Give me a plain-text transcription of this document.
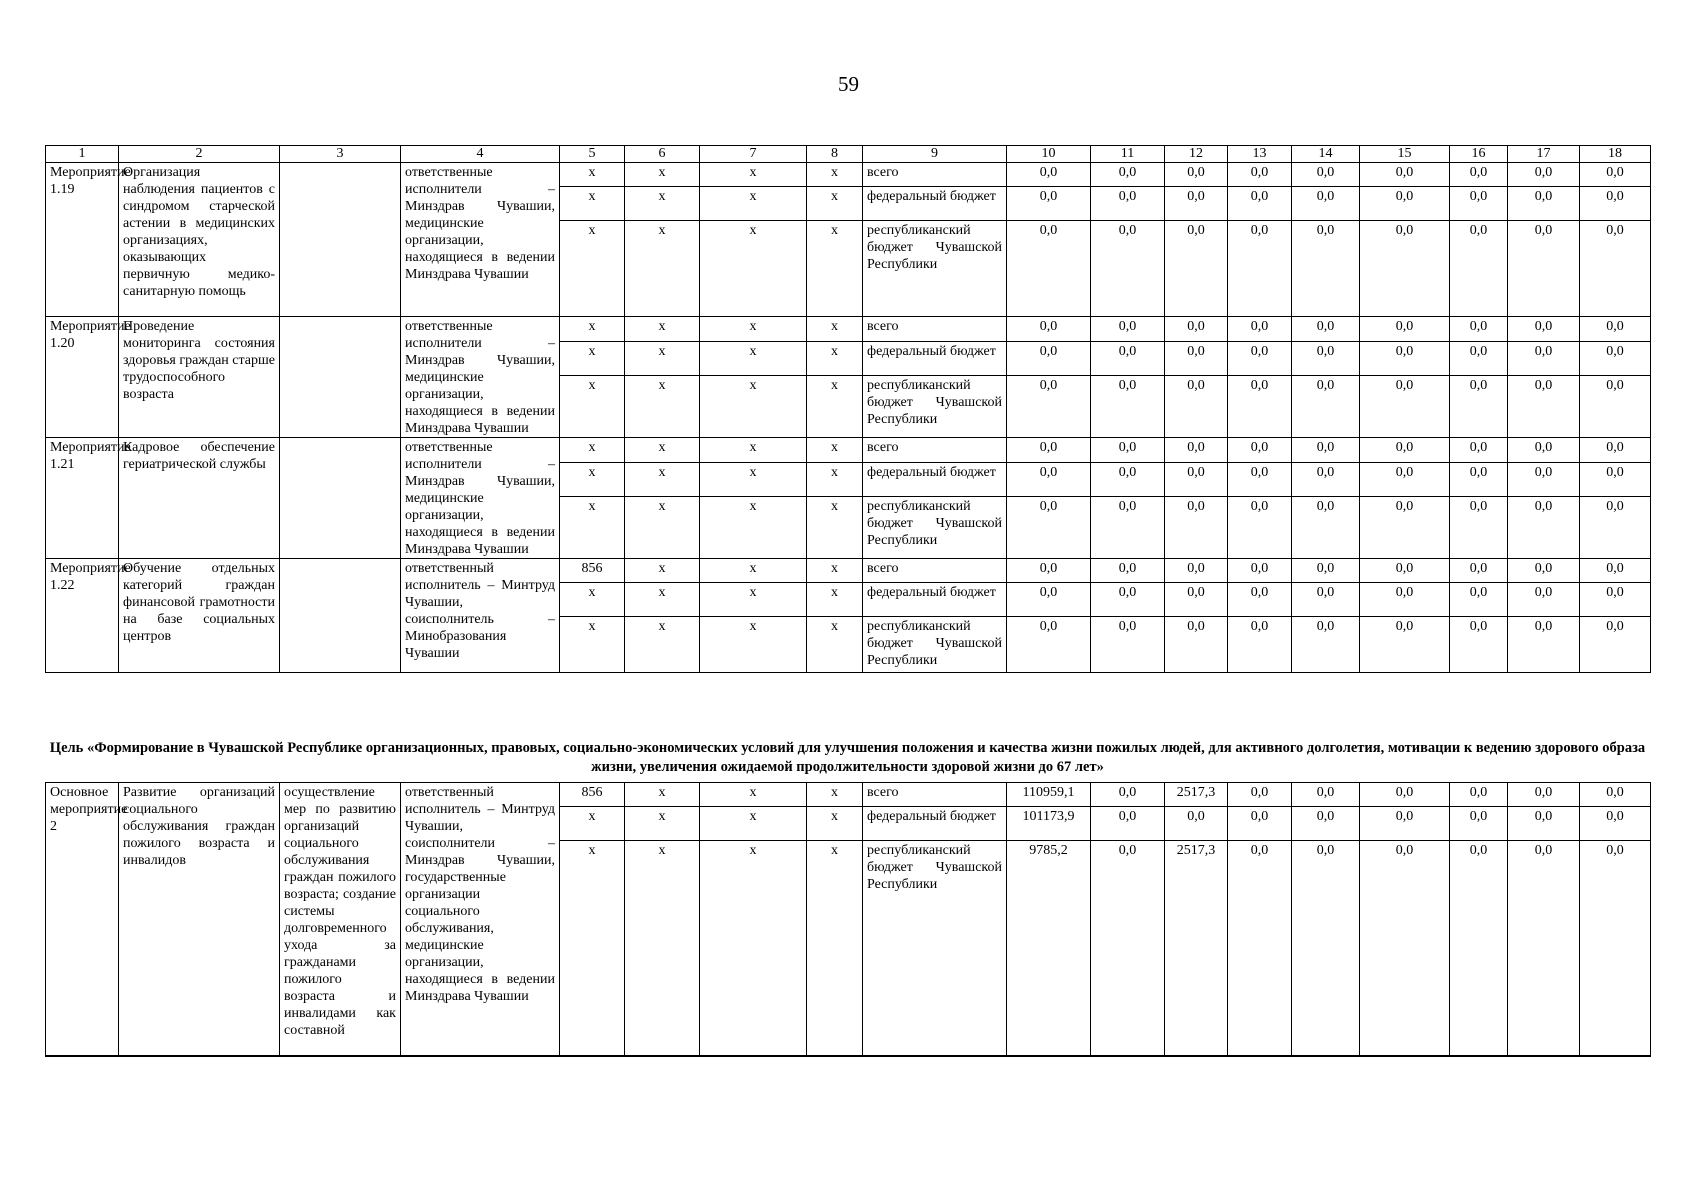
59
1	2	3	4	5	6	7	8	9	10	11	12	13	14	15	16	17	18
Мероприятие 1.19	Организация наблюдения пациентов с синдромом старческой астении в медицинских организациях, оказывающих первичную медико-санитарную помощь		ответственные исполнители – Минздрав Чувашии, медицинские организации, находящиеся в ведении Минздрава Чувашии	x	x	x	x	всего	0,0	0,0	0,0	0,0	0,0	0,0	0,0	0,0	0,0
				x	x	x	x	федеральный бюджет	0,0	0,0	0,0	0,0	0,0	0,0	0,0	0,0	0,0
				x	x	x	x	республиканский бюджет Чувашской Республики	0,0	0,0	0,0	0,0	0,0	0,0	0,0	0,0	0,0
Мероприятие 1.20	Проведение мониторинга состояния здоровья граждан старше трудоспособного возраста		ответственные исполнители – Минздрав Чувашии, медицинские организации, находящиеся в ведении Минздрава Чувашии	x	x	x	x	всего	0,0	0,0	0,0	0,0	0,0	0,0	0,0	0,0	0,0
				x	x	x	x	федеральный бюджет	0,0	0,0	0,0	0,0	0,0	0,0	0,0	0,0	0,0
				x	x	x	x	республиканский бюджет Чувашской Республики	0,0	0,0	0,0	0,0	0,0	0,0	0,0	0,0	0,0
Мероприятие 1.21	Кадровое обеспечение гериатрической службы		ответственные исполнители – Минздрав Чувашии, медицинские организации, находящиеся в ведении Минздрава Чувашии	x	x	x	x	всего	0,0	0,0	0,0	0,0	0,0	0,0	0,0	0,0	0,0
				x	x	x	x	федеральный бюджет	0,0	0,0	0,0	0,0	0,0	0,0	0,0	0,0	0,0
				x	x	x	x	республиканский бюджет Чувашской Республики	0,0	0,0	0,0	0,0	0,0	0,0	0,0	0,0	0,0
Мероприятие 1.22	Обучение отдельных категорий граждан финансовой грамотности на базе социальных центров		ответственный исполнитель – Минтруд Чувашии, соисполнитель – Минобразования Чувашии	856	x	x	x	всего	0,0	0,0	0,0	0,0	0,0	0,0	0,0	0,0	0,0
				x	x	x	x	федеральный бюджет	0,0	0,0	0,0	0,0	0,0	0,0	0,0	0,0	0,0
				x	x	x	x	республиканский бюджет Чувашской Республики	0,0	0,0	0,0	0,0	0,0	0,0	0,0	0,0	0,0
Цель «Формирование в Чувашской Республике организационных, правовых, социально-экономических условий для улучшения положения и качества жизни пожилых людей, для активного долголетия, мотивации к ведению здорового образа жизни, увеличения ожидаемой продолжительности здоровой жизни до 67 лет»
Основное мероприятие 2	Развитие организаций социального обслуживания граждан пожилого возраста и инвалидов	осуществление мер по развитию организаций социального обслуживания граждан пожилого возраста; создание системы долговременного ухода за гражданами пожилого возраста и инвалидами как составной	ответственный исполнитель – Минтруд Чувашии, соисполнители – Минздрав Чувашии, государственные организации социального обслуживания, медицинские организации, находящиеся в ведении Минздрава Чувашии	856	x	x	x	всего	110959,1	0,0	2517,3	0,0	0,0	0,0	0,0	0,0	0,0
				x	x	x	x	федеральный бюджет	101173,9	0,0	0,0	0,0	0,0	0,0	0,0	0,0	0,0
				x	x	x	x	республиканский бюджет Чувашской Республики	9785,2	0,0	2517,3	0,0	0,0	0,0	0,0	0,0	0,0
